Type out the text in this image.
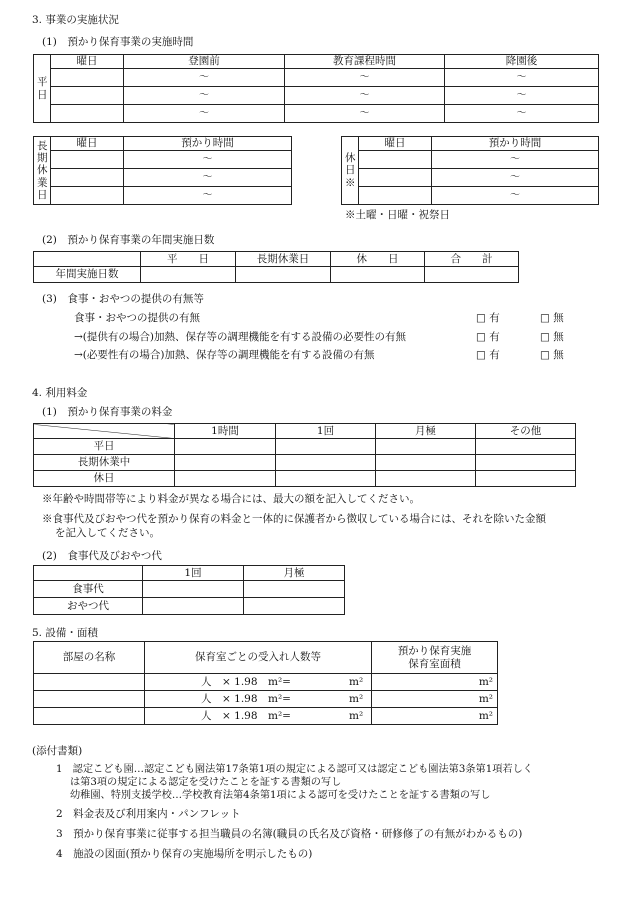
3. 事業の実施状況
(1)　預かり保育事業の実施時間
平日	曜日	登園前	教育課程時間	降園後
		〜	〜	〜
		〜	〜	〜
		〜	〜	〜
長期休業日	曜日	預かり時間
		〜
		〜
		〜
休日※	曜日	預かり時間
		〜
		〜
		〜
※土曜・日曜・祝祭日
(2)　預かり保育事業の年間実施日数
	平　　日	長期休業日	休　　日	合　　計
年間実施日数				
(3)　食事・おやつの提供の有無等
食事・おやつの提供の有無	□ 有	□ 無
→(提供有の場合)加熱、保存等の調理機能を有する設備の必要性の有無	□ 有	□ 無
→(必要性有の場合)加熱、保存等の調理機能を有する設備の有無	□ 有	□ 無
4. 利用料金
(1)　預かり保育事業の料金
	1時間	1回	月極	その他
平日				
長期休業中				
休日				
※年齢や時間帯等により料金が異なる場合には、最大の額を記入してください。
※食事代及びおやつ代を預かり保育の料金と一体的に保護者から徴収している場合には、それを除いた金額
を記入してください。
(2)　食事代及びおやつ代
	1回	月極
食事代		
おやつ代		
5. 設備・面積
部屋の名称	保育室ごとの受入れ人数等	預かり保育実施
保育室面積

	人　× 1.98　m²= m²	m²
	人　× 1.98　m²= m²	m²
	人　× 1.98　m²= m²	m²
(添付書類)
1　認定こども園…認定こども園法第17条第1項の規定による認可又は認定こども園法第3条第1項若しく
は第3項の規定による認定を受けたことを証する書類の写し
幼稚園、特別支援学校…学校教育法第4条第1項による認可を受けたことを証する書類の写し
2　料金表及び利用案内・パンフレット
3　預かり保育事業に従事する担当職員の名簿(職員の氏名及び資格・研修修了の有無がわかるもの)
4　施設の図面(預かり保育の実施場所を明示したもの)
